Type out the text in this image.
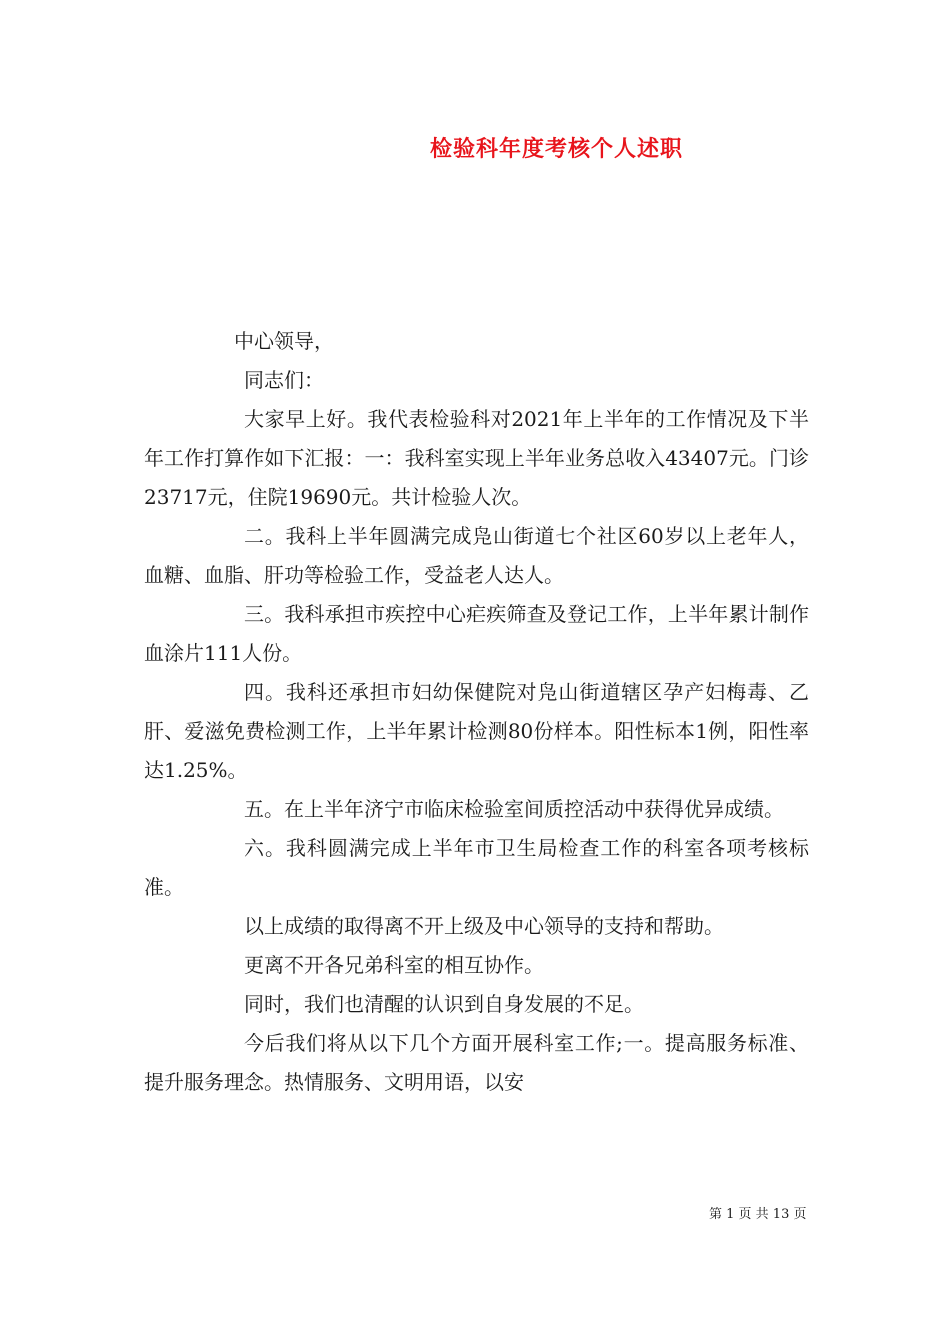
检验科年度考核个人述职

中心领导，

同志们：

大家早上好。我代表检验科对2021年上半年的工作情况及下半年工作打算作如下汇报：一：我科室实现上半年业务总收入43407元。门诊23717元，住院19690元。共计检验人次。

二。我科上半年圆满完成凫山街道七个社区60岁以上老年人，血糖、血脂、肝功等检验工作，受益老人达人。

三。我科承担市疾控中心疟疾筛查及登记工作，上半年累计制作血涂片111人份。

四。我科还承担市妇幼保健院对凫山街道辖区孕产妇梅毒、乙肝、爱滋免费检测工作，上半年累计检测80份样本。阳性标本1例，阳性率达1.25%。

五。在上半年济宁市临床检验室间质控活动中获得优异成绩。

六。我科圆满完成上半年市卫生局检查工作的科室各项考核标准。

以上成绩的取得离不开上级及中心领导的支持和帮助。

更离不开各兄弟科室的相互协作。

同时，我们也清醒的认识到自身发展的不足。

今后我们将从以下几个方面开展科室工作;一。提高服务标准、提升服务理念。热情服务、文明用语，以安

第 1 页 共 13 页
